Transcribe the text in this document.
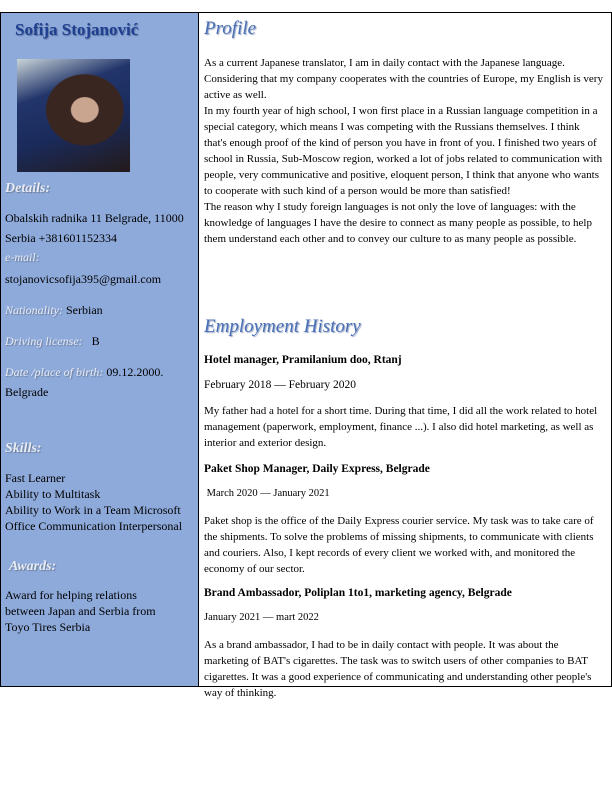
Sofija Stojanović
Details:
Obalskih radnika 11 Belgrade, 11000
Serbia +381601152334
e-mail:
stojanovicsofija395@gmail.com
Nationality: Serbian
Driving license: B
Date /place of birth: 09.12.2000.
Belgrade
Skills:
Fast Learner
Ability to Multitask
Ability to Work in a Team Microsoft
Office Communication Interpersonal
Awards:
Award for helping relations
between Japan and Serbia from
Toyo Tires Serbia
Profile
As a current Japanese translator, I am in daily contact with the Japanese language. Considering that my company cooperates with the countries of Europe, my English is very active as well.
In my fourth year of high school, I won first place in a Russian language competition in a special category, which means I was competing with the Russians themselves. I think that's enough proof of the kind of person you have in front of you. I finished two years of school in Russia, Sub-Moscow region, worked a lot of jobs related to communication with people, very communicative and positive, eloquent person, I think that anyone who wants to cooperate with such kind of a person would be more than satisfied!
The reason why I study foreign languages is not only the love of languages: with the knowledge of languages I have the desire to connect as many people as possible, to help them understand each other and to convey our culture to as many people as possible.
Employment History
Hotel manager, Pramilanium doo, Rtanj
February 2018 — February 2020
My father had a hotel for a short time. During that time, I did all the work related to hotel management (paperwork, employment, finance ...). I also did hotel marketing, as well as interior and exterior design.
Paket Shop Manager, Daily Express, Belgrade
March 2020 — January 2021
Paket shop is the office of the Daily Express courier service. My task was to take care of the shipments. To solve the problems of missing shipments, to communicate with clients and couriers. Also, I kept records of every client we worked with, and monitored the economy of our sector.
Brand Ambassador, Poliplan 1to1, marketing agency, Belgrade
January 2021 — mart 2022
As a brand ambassador, I had to be in daily contact with people. It was about the marketing of BAT's cigarettes. The task was to switch users of other companies to BAT cigarettes. It was a good experience of communicating and understanding other people's way of thinking.
